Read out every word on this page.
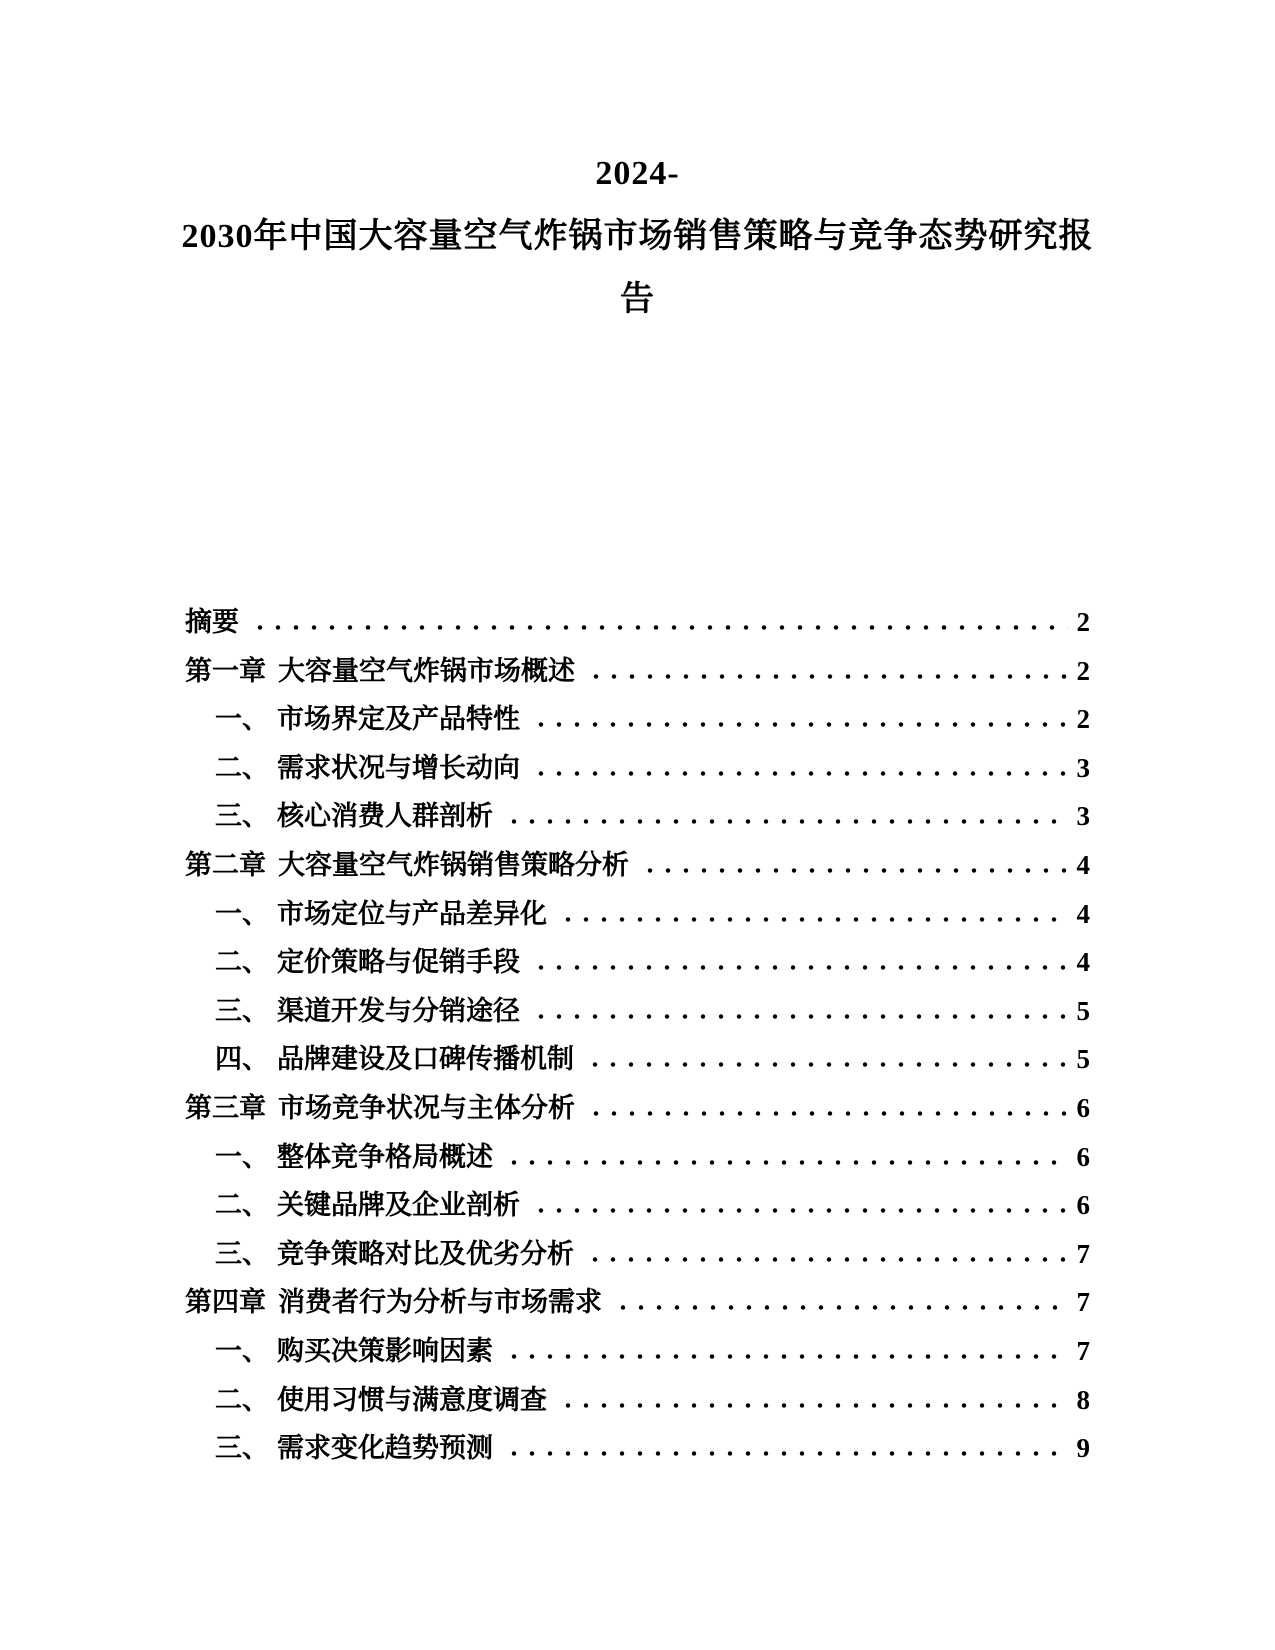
2024-
2030年中国大容量空气炸锅市场销售策略与竞争态势研究报
告
摘要	2
第一章 大容量空气炸锅市场概述	2
一、 市场界定及产品特性	2
二、 需求状况与增长动向	3
三、 核心消费人群剖析	3
第二章 大容量空气炸锅销售策略分析	4
一、 市场定位与产品差异化	4
二、 定价策略与促销手段	4
三、 渠道开发与分销途径	5
四、 品牌建设及口碑传播机制	5
第三章 市场竞争状况与主体分析	6
一、 整体竞争格局概述	6
二、 关键品牌及企业剖析	6
三、 竞争策略对比及优劣分析	7
第四章 消费者行为分析与市场需求	7
一、 购买决策影响因素	7
二、 使用习惯与满意度调查	8
三、 需求变化趋势预测	9
